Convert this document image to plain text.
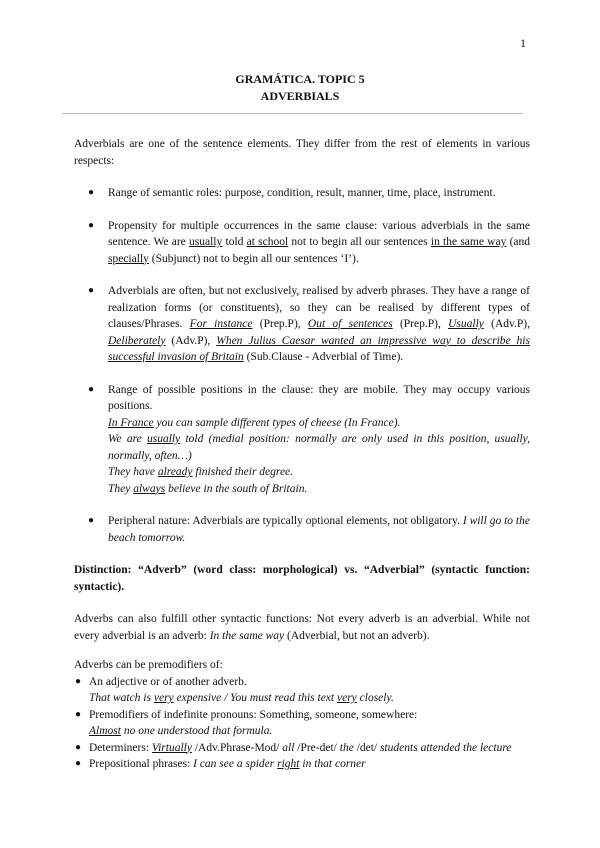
1
GRAMÁTICA. TOPIC 5
ADVERBIALS

Adverbials are one of the sentence elements. They differ from the rest of elements in various respects:

● Range of semantic roles: purpose, condition, result, manner, time, place, instrument.
● Propensity for multiple occurrences in the same clause: various adverbials in the same sentence. We are usually told at school not to begin all our sentences in the same way (and specially (Subjunct) not to begin all our sentences ‘I’).
● Adverbials are often, but not exclusively, realised by adverb phrases. They have a range of realization forms (or constituents), so they can be realised by different types of clauses/Phrases. For instance (Prep.P), Out of sentences (Prep.P), Usually (Adv.P), Deliberately (Adv.P), When Julius Caesar wanted an impressive way to describe his successful invasion of Britain (Sub.Clause - Adverbial of Time).
● Range of possible positions in the clause: they are mobile. They may occupy various positions.
In France you can sample different types of cheese (In France).
We are usually told (medial position: normally are only used in this position, usually, normally, often…)
They have already finished their degree.
They always believe in the south of Britain.
● Peripheral nature: Adverbials are typically optional elements, not obligatory. I will go to the beach tomorrow.

Distinction: “Adverb” (word class: morphological) vs. “Adverbial” (syntactic function: syntactic).

Adverbs can also fulfill other syntactic functions: Not every adverb is an adverbial. While not every adverbial is an adverb: In the same way (Adverbial, but not an adverb).

Adverbs can be premodifiers of:

● An adjective or of another adverb.
That watch is very expensive / You must read this text very closely.
● Premodifiers of indefinite pronouns: Something, someone, somewhere:
Almost no one understood that formula.
● Determiners: Virtually /Adv.Phrase-Mod/ all /Pre-det/ the /det/ students attended the lecture
● Prepositional phrases: I can see a spider right in that corner
